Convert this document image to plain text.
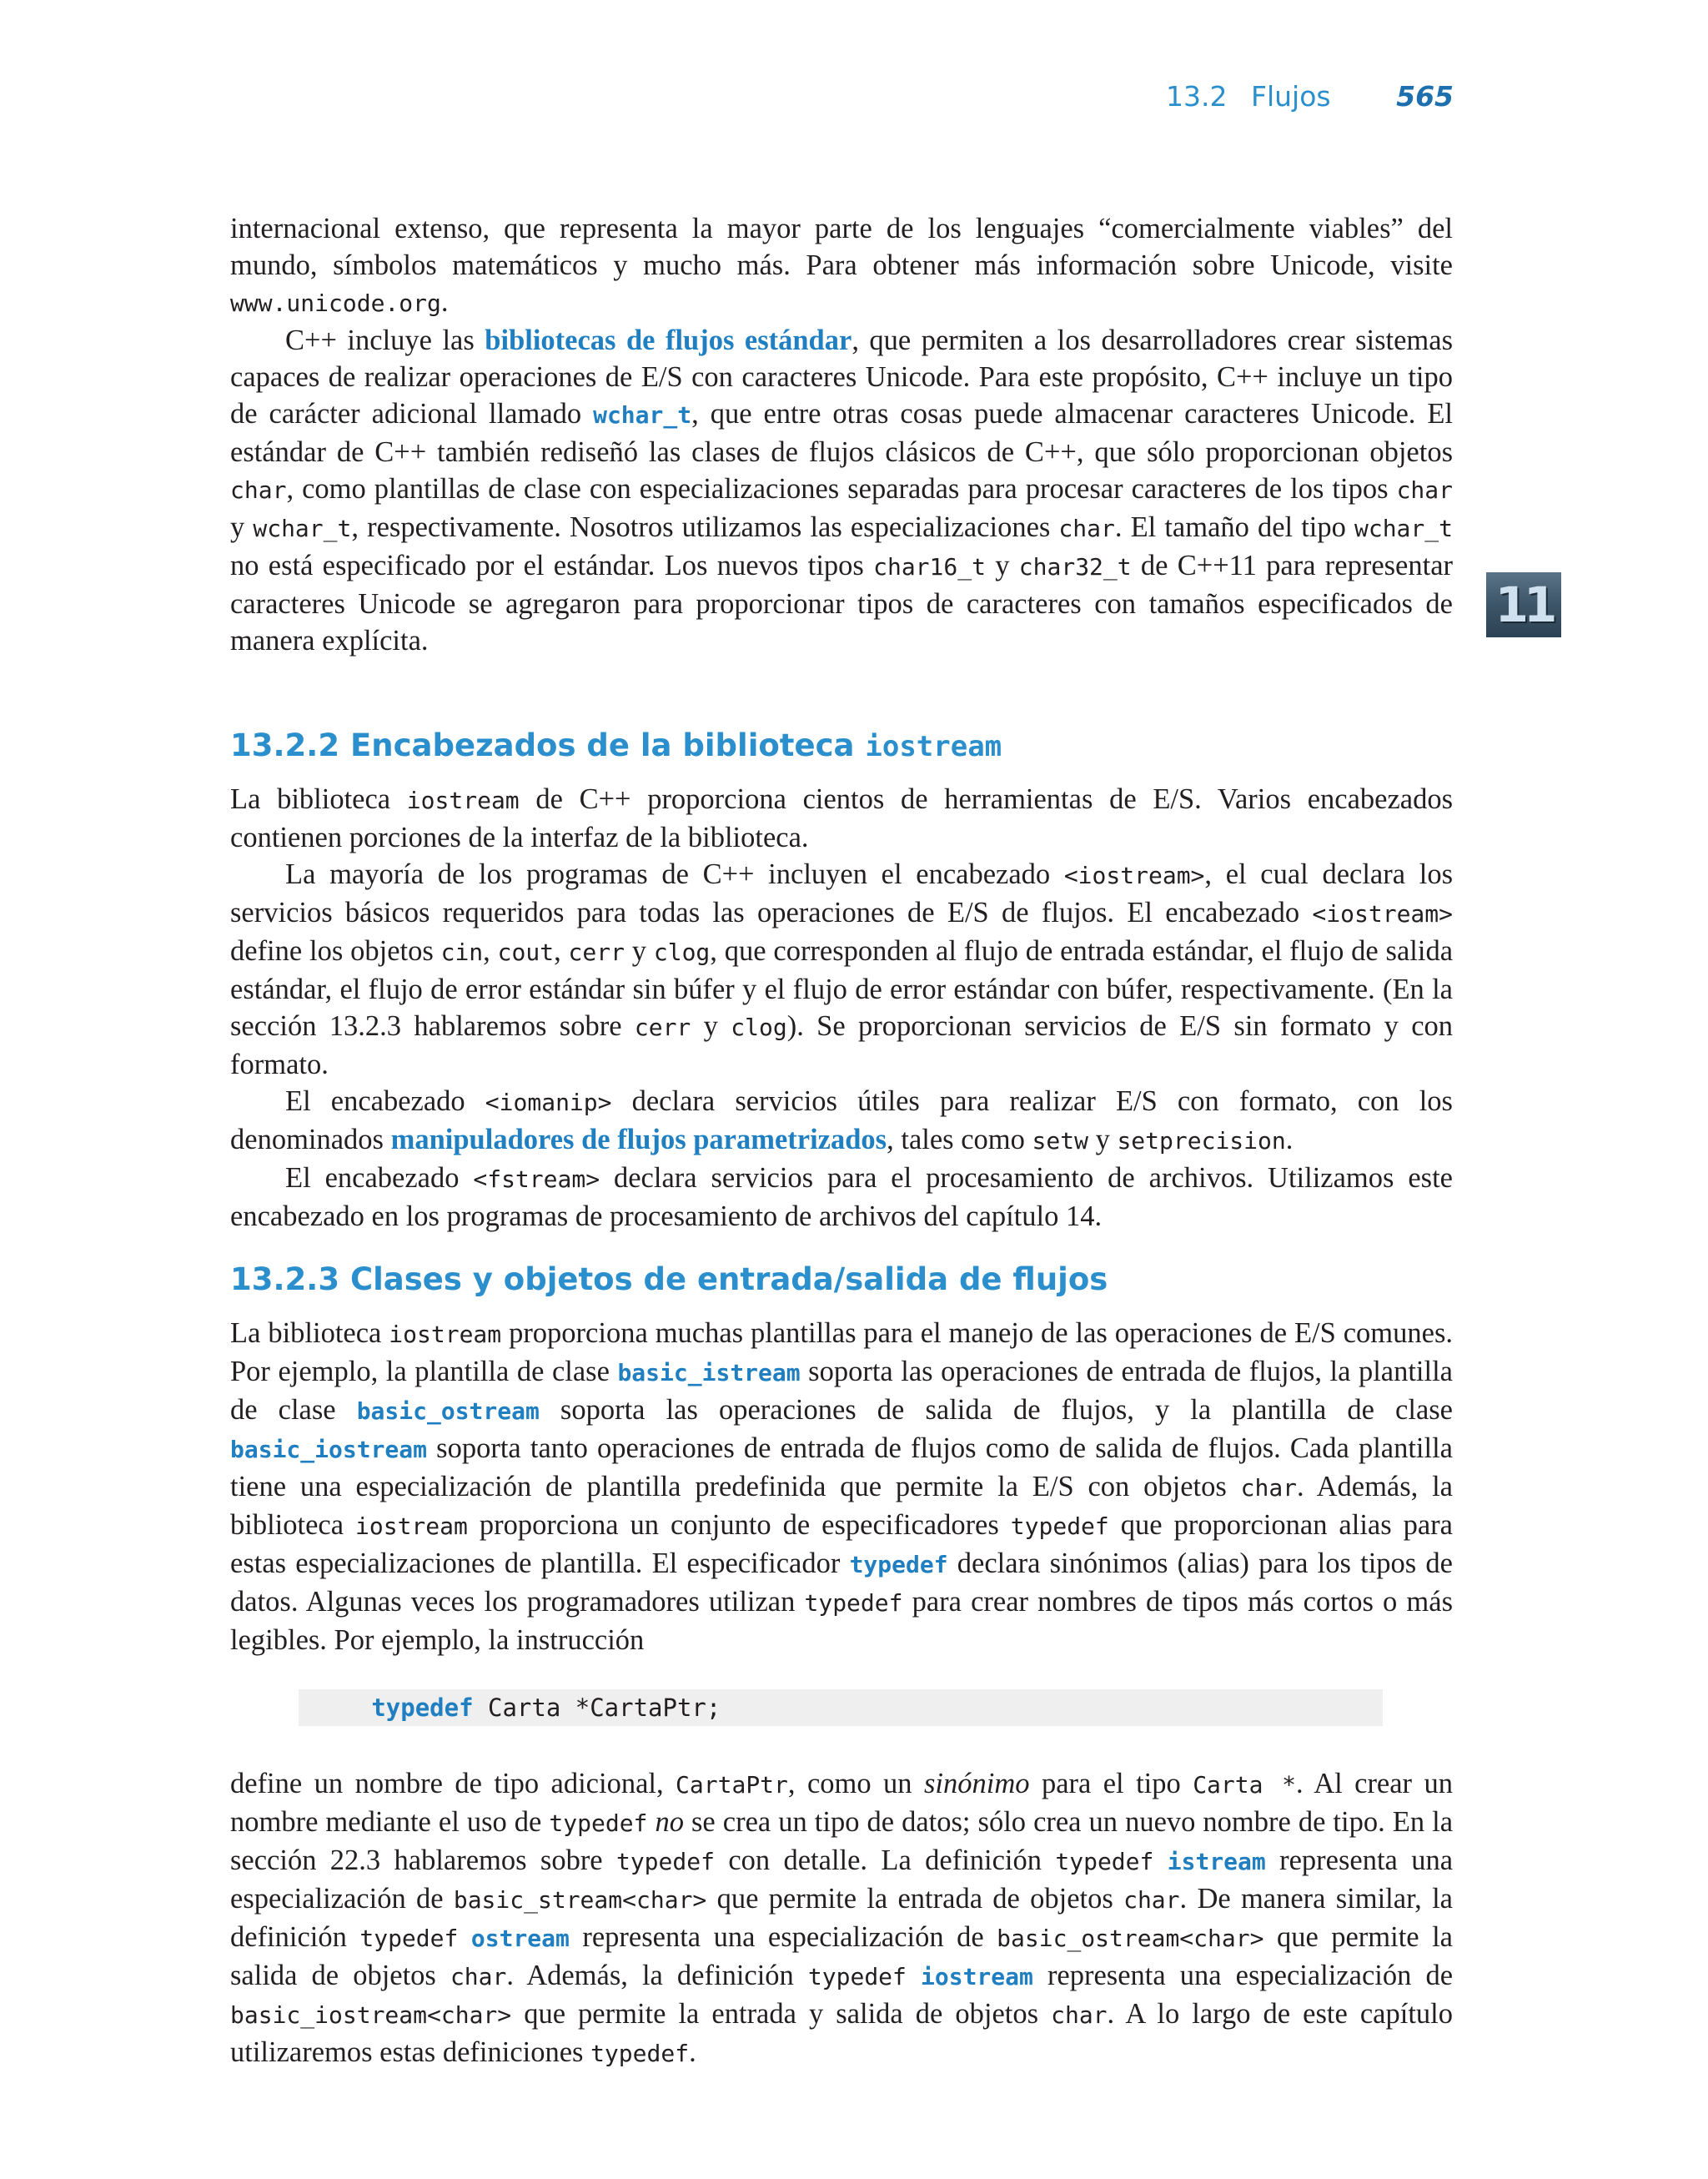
13.2 Flujos 565
11

internacional extenso, que representa la mayor parte de los lenguajes “comercialmente viables” del mundo, símbolos matemáticos y mucho más. Para obtener más información sobre Unicode, visite www.unicode.org.

C++ incluye las bibliotecas de flujos estándar, que permiten a los desarrolladores crear sistemas capaces de realizar operaciones de E/S con caracteres Unicode. Para este propósito, C++ incluye un tipo de carácter adicional llamado wchar_t, que entre otras cosas puede almacenar caracteres Unicode. El estándar de C++ también rediseñó las clases de flujos clásicos de C++, que sólo proporcionan objetos char, como plantillas de clase con especializaciones separadas para procesar caracteres de los tipos char y wchar_t, respectivamente. Nosotros utilizamos las especializaciones char. El tamaño del tipo wchar_t no está especificado por el estándar. Los nuevos tipos char16_t y char32_t de C++11 para representar caracteres Unicode se agregaron para proporcionar tipos de caracteres con tamaños especificados de manera explícita.

13.2.2 Encabezados de la biblioteca iostream

La biblioteca iostream de C++ proporciona cientos de herramientas de E/S. Varios encabezados contienen porciones de la interfaz de la biblioteca.

La mayoría de los programas de C++ incluyen el encabezado <iostream>, el cual declara los servicios básicos requeridos para todas las operaciones de E/S de flujos. El encabezado <iostream> define los objetos cin, cout, cerr y clog, que corresponden al flujo de entrada estándar, el flujo de salida estándar, el flujo de error estándar sin búfer y el flujo de error estándar con búfer, respectivamente. (En la sección 13.2.3 hablaremos sobre cerr y clog). Se proporcionan servicios de E/S sin formato y con formato.

El encabezado <iomanip> declara servicios útiles para realizar E/S con formato, con los denominados manipuladores de flujos parametrizados, tales como setw y setprecision.

El encabezado <fstream> declara servicios para el procesamiento de archivos. Utilizamos este encabezado en los programas de procesamiento de archivos del capítulo 14.

13.2.3 Clases y objetos de entrada/salida de flujos

La biblioteca iostream proporciona muchas plantillas para el manejo de las operaciones de E/S comunes. Por ejemplo, la plantilla de clase basic_istream soporta las operaciones de entrada de flujos, la plantilla de clase basic_ostream soporta las operaciones de salida de flujos, y la plantilla de clase basic_iostream soporta tanto operaciones de entrada de flujos como de salida de flujos. Cada plantilla tiene una especialización de plantilla predefinida que permite la E/S con objetos char. Además, la biblioteca iostream proporciona un conjunto de especificadores typedef que proporcionan alias para estas especializaciones de plantilla. El especificador typedef declara sinónimos (alias) para los tipos de datos. Algunas veces los programadores utilizan typedef para crear nombres de tipos más cortos o más legibles. Por ejemplo, la instrucción

typedef Carta *CartaPtr;

define un nombre de tipo adicional, CartaPtr, como un sinónimo para el tipo Carta *. Al crear un nombre mediante el uso de typedef no se crea un tipo de datos; sólo crea un nuevo nombre de tipo. En la sección 22.3 hablaremos sobre typedef con detalle. La definición typedef istream representa una especialización de basic_stream<char> que permite la entrada de objetos char. De manera similar, la definición typedef ostream representa una especialización de basic_ostream<char> que permite la salida de objetos char. Además, la definición typedef iostream representa una especialización de basic_iostream<char> que permite la entrada y salida de objetos char. A lo largo de este capítulo utilizaremos estas definiciones typedef.
